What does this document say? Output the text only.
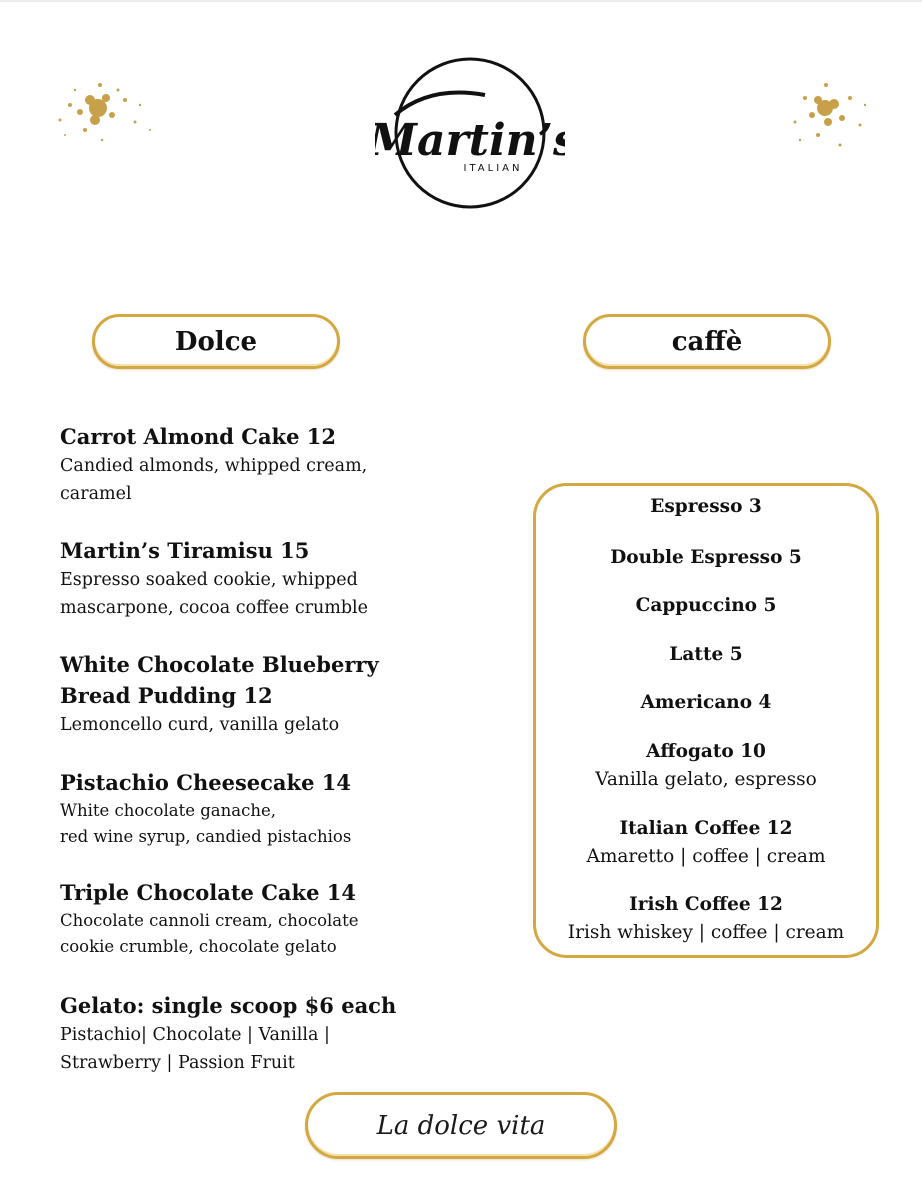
Martin’s
ITALIAN
Dolce	caffè
Carrot Almond Cake 12
Candied almonds, whipped cream,
caramel
Martin’s Tiramisu 15
Espresso soaked cookie, whipped
mascarpone, cocoa coffee crumble
White Chocolate Blueberry
Bread Pudding 12
Lemoncello curd, vanilla gelato
Pistachio Cheesecake 14
White chocolate ganache,
red wine syrup, candied pistachios
Triple Chocolate Cake 14
Chocolate cannoli cream, chocolate
cookie crumble, chocolate gelato
Gelato: single scoop $6 each
Pistachio| Chocolate | Vanilla |
Strawberry | Passion Fruit
Espresso 3
Double Espresso 5
Cappuccino 5
Latte 5
Americano 4
Affogato 10
Vanilla gelato, espresso
Italian Coffee 12
Amaretto | coffee | cream
Irish Coffee 12
Irish whiskey | coffee | cream
La dolce vita
